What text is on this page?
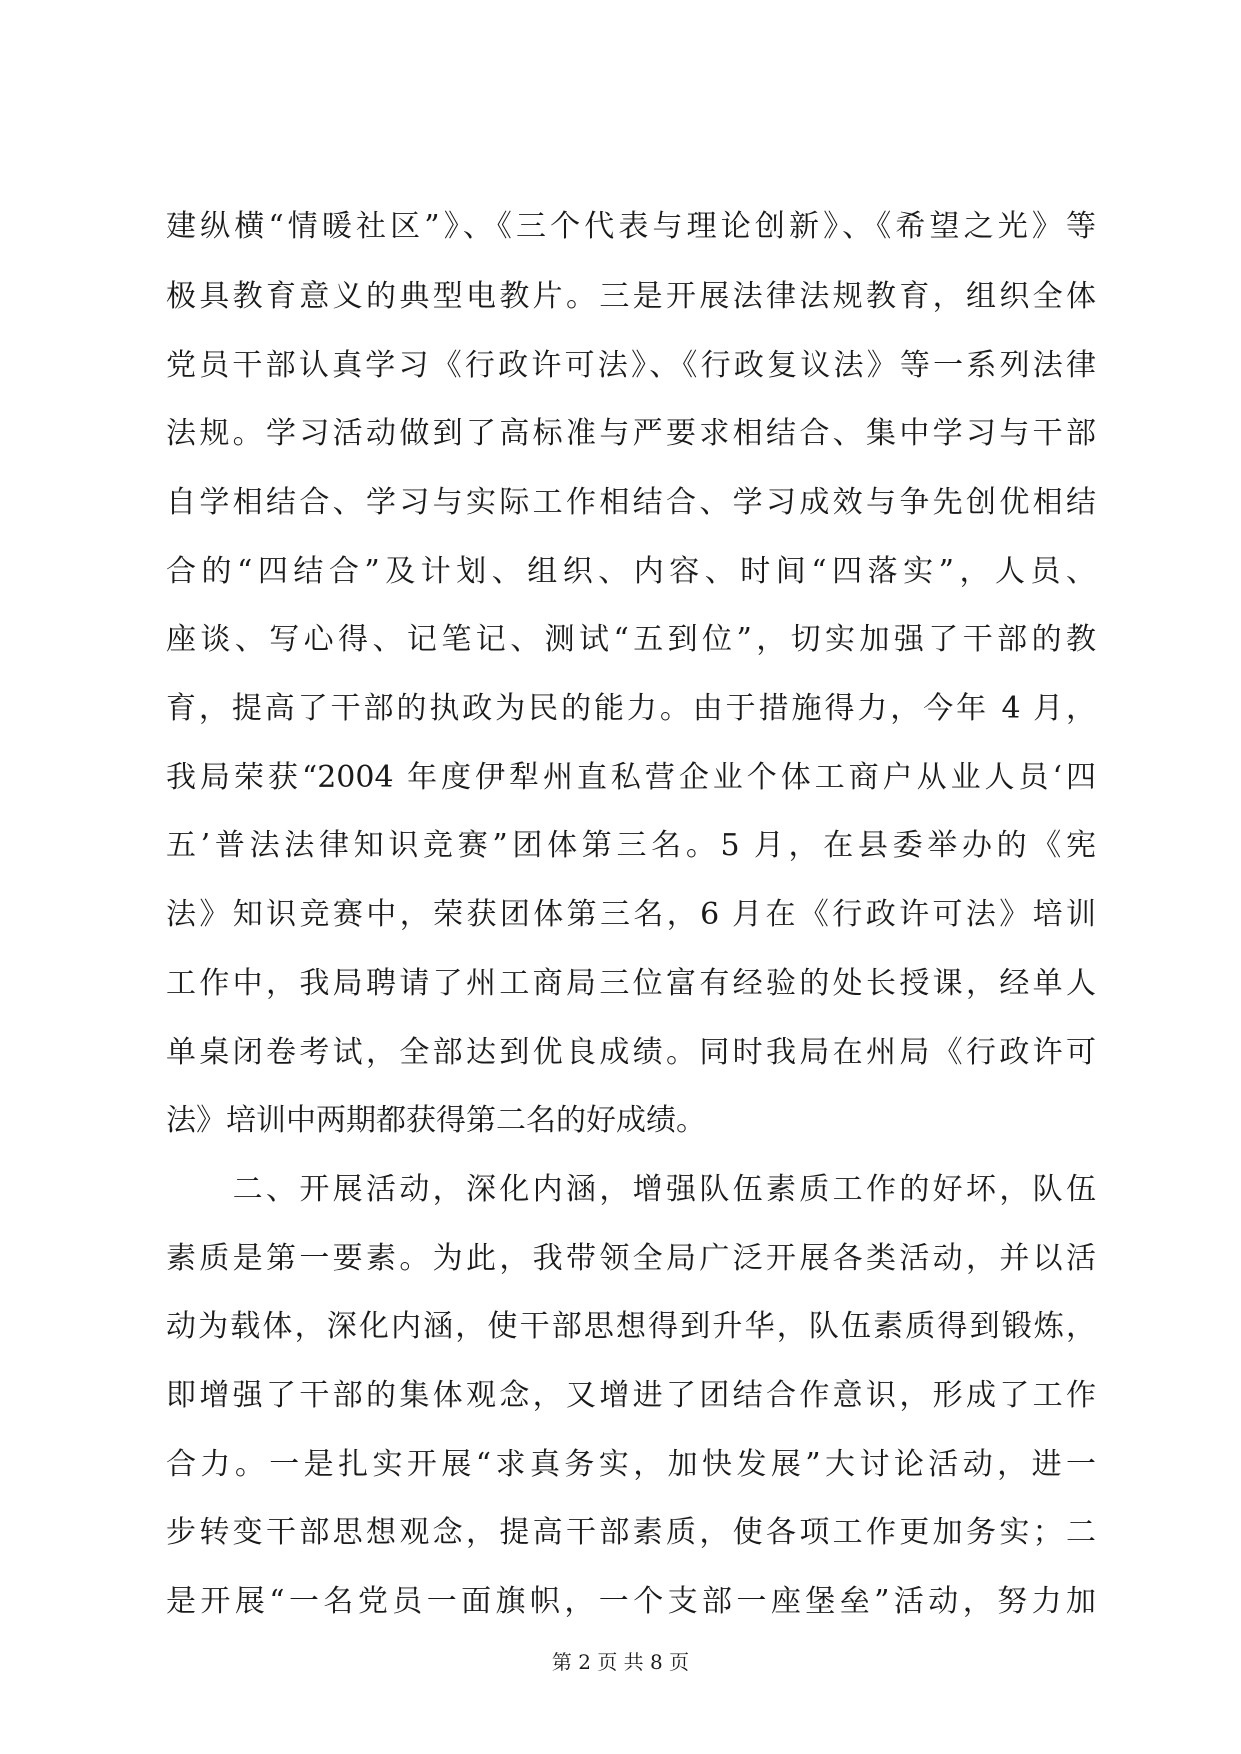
建纵横“情暖社区”》、《三个代表与理论创新》、《希望之光》等
极具教育意义的典型电教片。三是开展法律法规教育，组织全体
党员干部认真学习《行政许可法》、《行政复议法》等一系列法律
法规。学习活动做到了高标准与严要求相结合、集中学习与干部
自学相结合、学习与实际工作相结合、学习成效与争先创优相结
合的“四结合”及计划、组织、内容、时间“四落实”，人员、
座谈、写心得、记笔记、测试“五到位”，切实加强了干部的教
育，提高了干部的执政为民的能力。由于措施得力，今年 4 月，
我局荣获“2004 年度伊犁州直私营企业个体工商户从业人员‘四
五’普法法律知识竞赛”团体第三名。5 月，在县委举办的《宪
法》知识竞赛中，荣获团体第三名，6 月在《行政许可法》培训
工作中，我局聘请了州工商局三位富有经验的处长授课，经单人
单桌闭卷考试，全部达到优良成绩。同时我局在州局《行政许可
法》培训中两期都获得第二名的好成绩。
　　二、开展活动，深化内涵，增强队伍素质工作的好坏，队伍
素质是第一要素。为此，我带领全局广泛开展各类活动，并以活
动为载体，深化内涵，使干部思想得到升华，队伍素质得到锻炼，
即增强了干部的集体观念，又增进了团结合作意识，形成了工作
合力。一是扎实开展“求真务实，加快发展”大讨论活动，进一
步转变干部思想观念，提高干部素质，使各项工作更加务实；二
是开展“一名党员一面旗帜，一个支部一座堡垒”活动，努力加
第 2 页 共 8 页
